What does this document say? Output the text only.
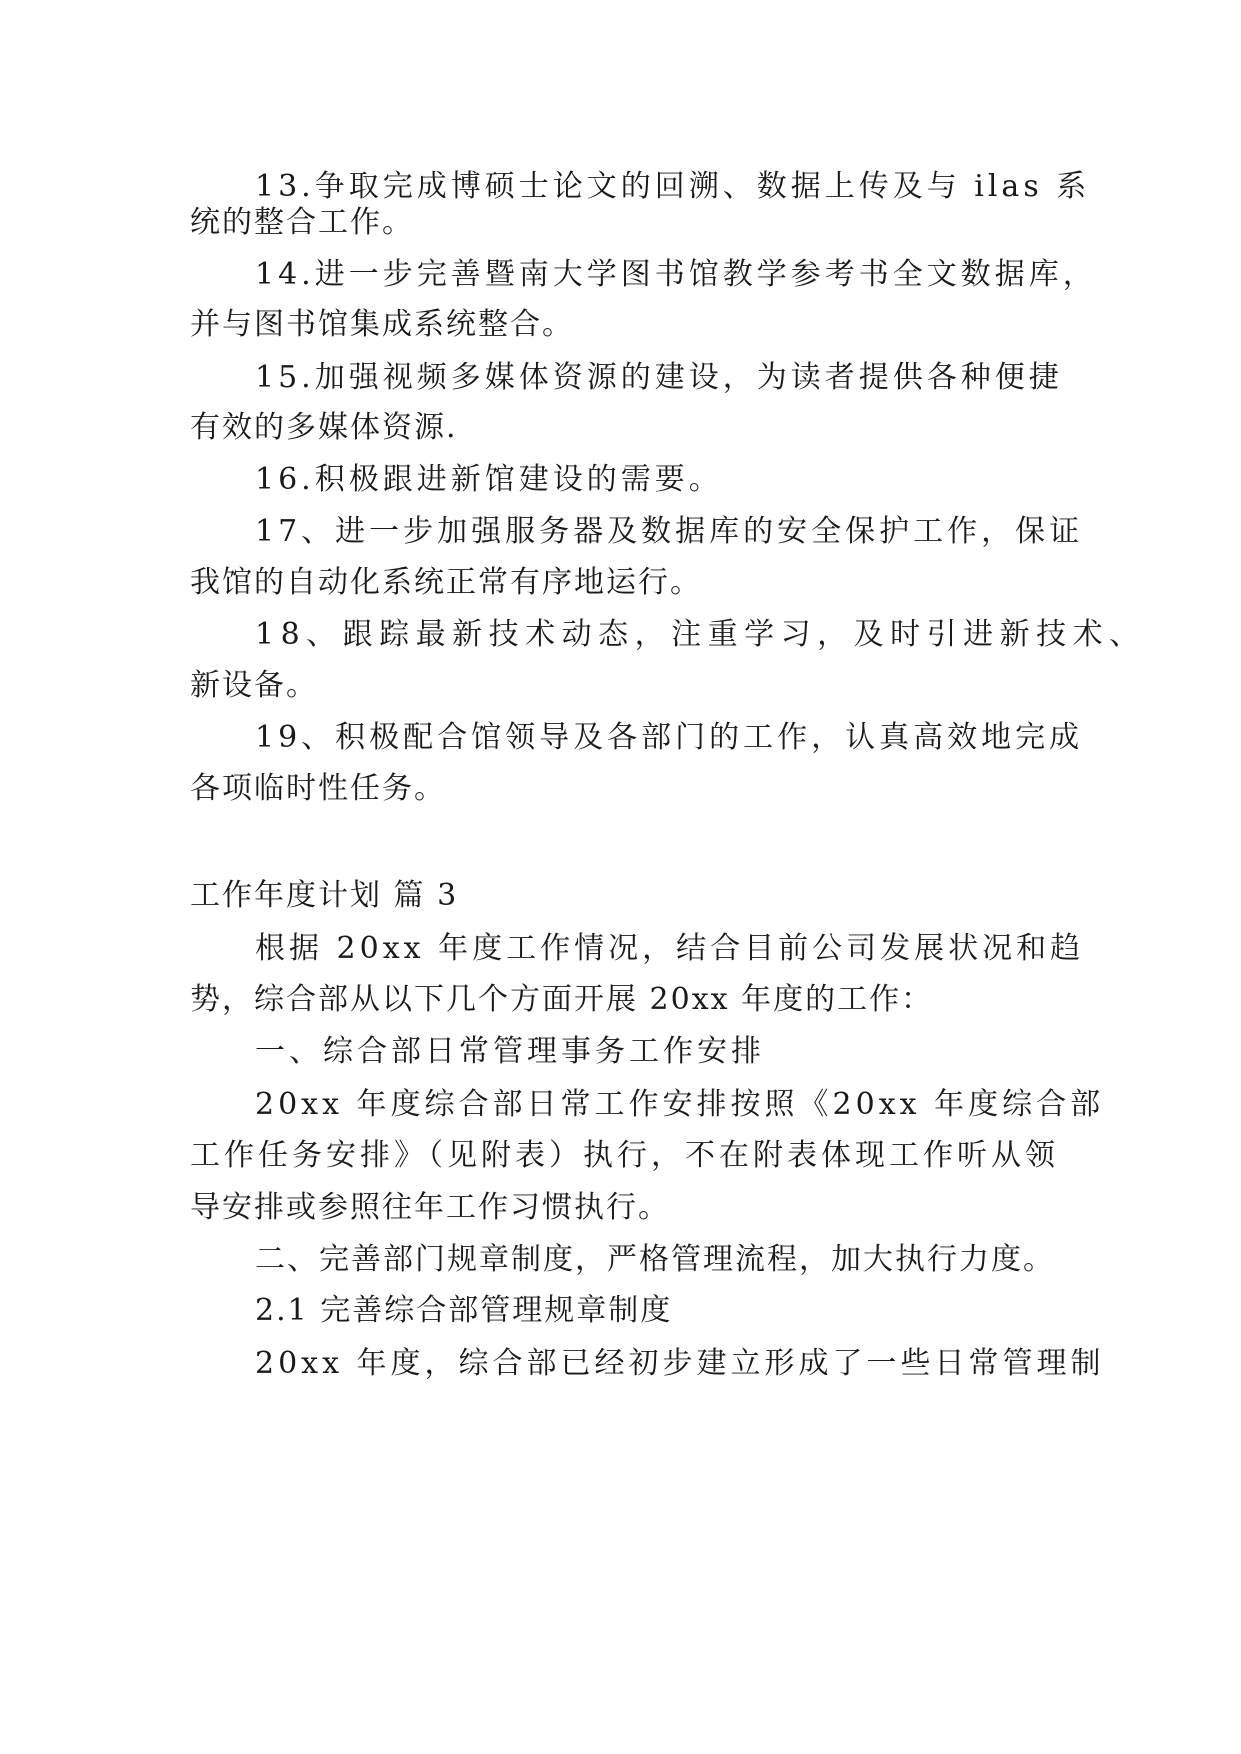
13.争取完成博硕士论文的回溯、数据上传及与 ilas 系
统的整合工作。
14.进一步完善暨南大学图书馆教学参考书全文数据库，
并与图书馆集成系统整合。
15.加强视频多媒体资源的建设，为读者提供各种便捷
有效的多媒体资源.
16.积极跟进新馆建设的需要。
17、进一步加强服务器及数据库的安全保护工作，保证
我馆的自动化系统正常有序地运行。
18、跟踪最新技术动态，注重学习，及时引进新技术、
新设备。
19、积极配合馆领导及各部门的工作，认真高效地完成
各项临时性任务。
工作年度计划 篇 3
根据 20xx 年度工作情况，结合目前公司发展状况和趋
势，综合部从以下几个方面开展 20xx 年度的工作：
一、综合部日常管理事务工作安排
20xx 年度综合部日常工作安排按照《20xx 年度综合部
工作任务安排》（见附表）执行，不在附表体现工作听从领
导安排或参照往年工作习惯执行。
二、完善部门规章制度，严格管理流程，加大执行力度。
2.1 完善综合部管理规章制度
20xx 年度，综合部已经初步建立形成了一些日常管理制
